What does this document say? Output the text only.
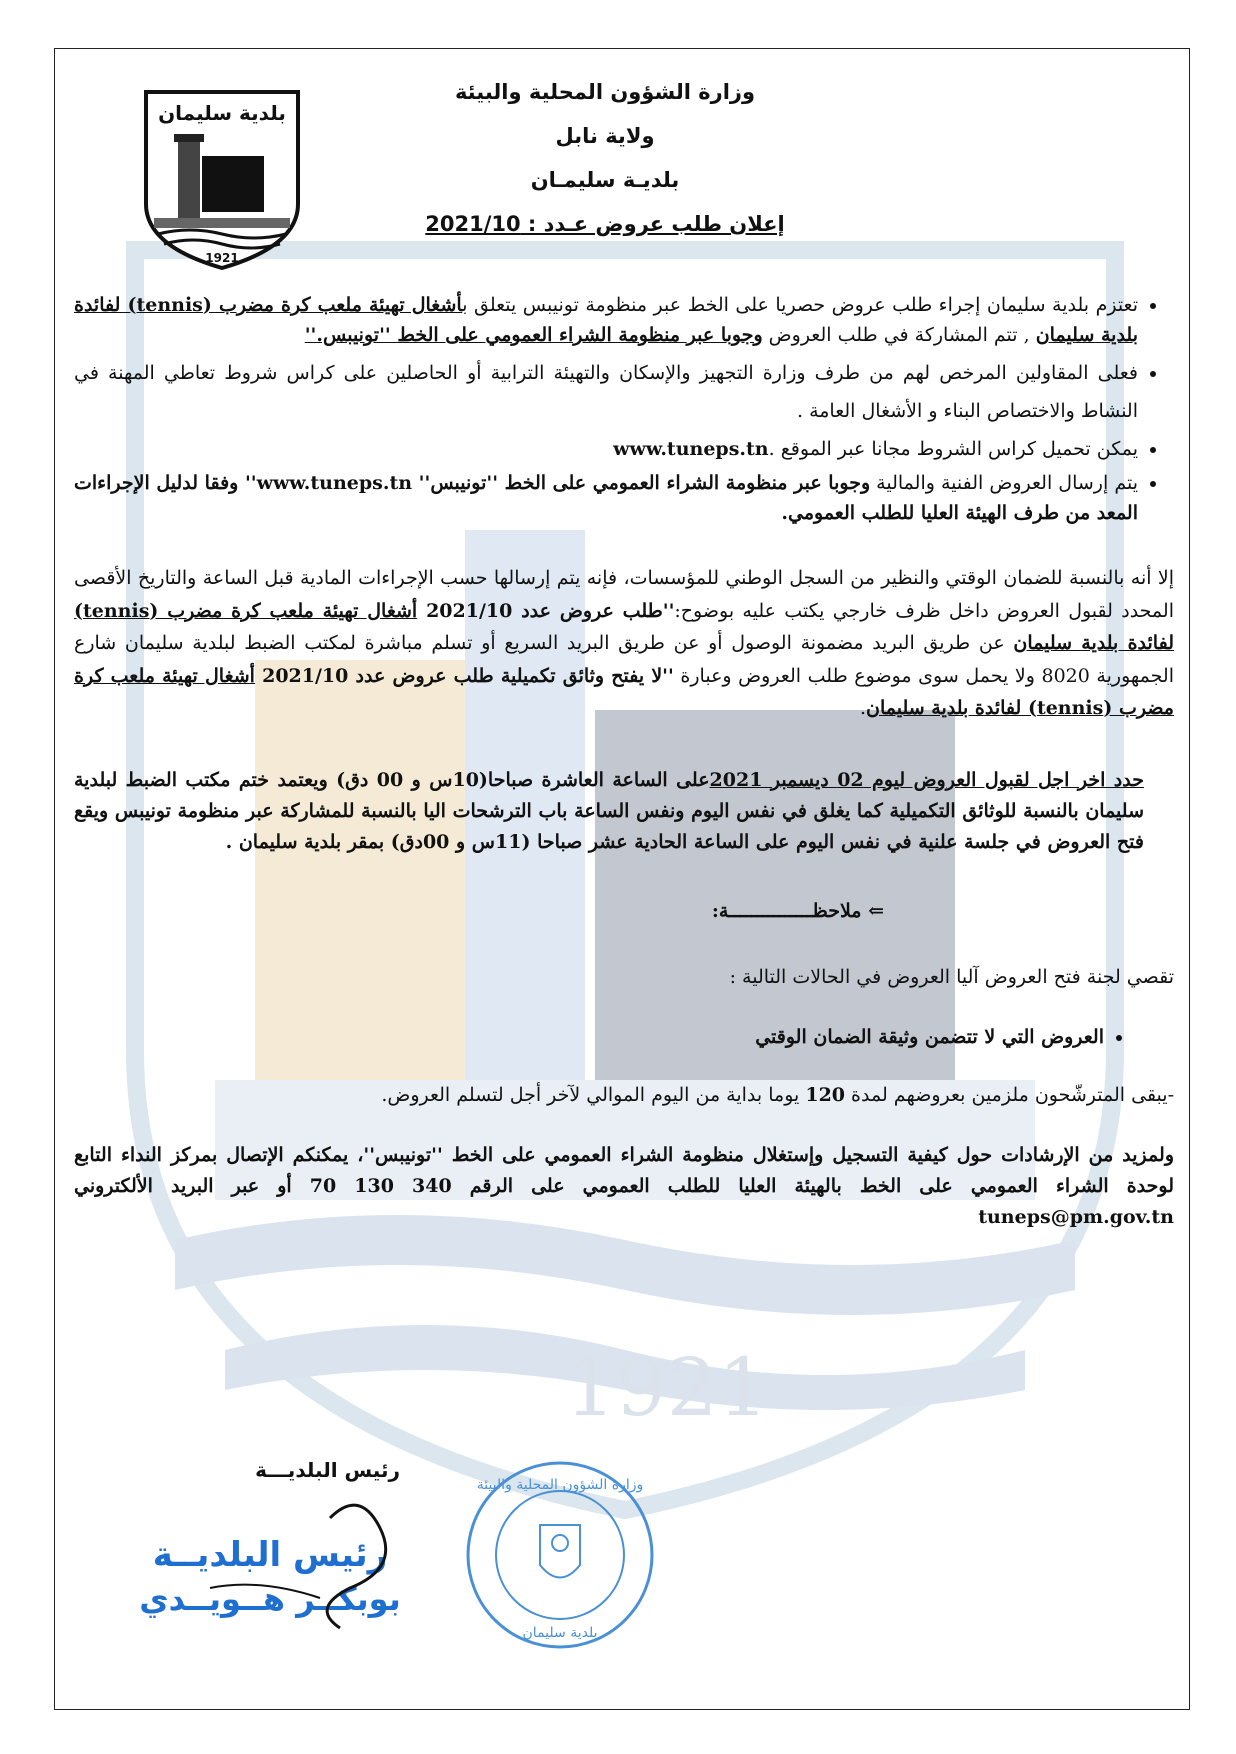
1921
بلدية سليمان
1921
وزارة الشؤون المحلية والبيئة
ولاية نابل
بلديـة سليمـان
إعلان طلب عروض عـدد : 2021/10
• تعتزم بلدية سليمان إجراء طلب عروض حصريا على الخط عبر منظومة تونيبس يتعلق بأشغال تهيئة ملعب كرة مضرب (tennis) لفائدة بلدية سليمان , تتم المشاركة في طلب العروض وجوبا عبر منظومة الشراء العمومي على الخط ''تونيبس.''
• فعلى المقاولين المرخص لهم من طرف وزارة التجهيز والإسكان والتهيئة الترابية أو الحاصلين على كراس شروط تعاطي المهنة في النشاط والاختصاص البناء و الأشغال العامة .
• يمكن تحميل كراس الشروط مجانا عبر الموقع .www.tuneps.tn
• يتم إرسال العروض الفنية والمالية وجوبا عبر منظومة الشراء العمومي على الخط ''تونيبس'' www.tuneps.tn'' وفقا لدليل الإجراءات المعد من طرف الهيئة العليا للطلب العمومي.

إلا أنه بالنسبة للضمان الوقتي والنظير من السجل الوطني للمؤسسات، فإنه يتم إرسالها حسب الإجراءات المادية قبل الساعة والتاريخ الأقصى المحدد لقبول العروض داخل ظرف خارجي يكتب عليه بوضوح:''طلب عروض عدد 2021/10 أشغال تهيئة ملعب كرة مضرب (tennis) لفائدة بلدية سليمان عن طريق البريد مضمونة الوصول أو عن طريق البريد السريع أو تسلم مباشرة لمكتب الضبط لبلدية سليمان شارع الجمهورية 8020 ولا يحمل سوى موضوع طلب العروض وعبارة ''لا يفتح وثائق تكميلية طلب عروض عدد 2021/10 أشغال تهيئة ملعب كرة مضرب (tennis) لفائدة بلدية سليمان.

حدد اخر اجل لقبول العروض ليوم 02 ديسمبر 2021على الساعة العاشرة صباحا(10س و 00 دق) ويعتمد ختم مكتب الضبط لبلدية سليمان بالنسبة للوثائق التكميلية كما يغلق في نفس اليوم ونفس الساعة باب الترشحات اليا بالنسبة للمشاركة عبر منظومة تونيبس ويقع فتح العروض في جلسة علنية في نفس اليوم على الساعة الحادية عشر صباحا (11س و 00دق) بمقر بلدية سليمان .

⇐ ملاحظـــــــــــــــة:

تقصي لجنة فتح العروض آليا العروض في الحالات التالية :

• العروض التي لا تتضمن وثيقة الضمان الوقتي

-يبقى المترشّحون ملزمين بعروضهم لمدة 120 يوما بداية من اليوم الموالي لآخر أجل لتسلم العروض.

ولمزيد من الإرشادات حول كيفية التسجيل وإستغلال منظومة الشراء العمومي على الخط ''تونيبس''، يمكنكم الإتصال بمركز النداء التابع لوحدة الشراء العمومي على الخط بالهيئة العليا للطلب العمومي على الرقم 340 130 70 أو عبر البريد الألكتروني tuneps@pm.gov.tn

رئيس البلديـــة
رئيس البلديــة
بوبكــر هــويــدي
وزارة الشؤون المحلية والبيئة
بلدية سليمان
